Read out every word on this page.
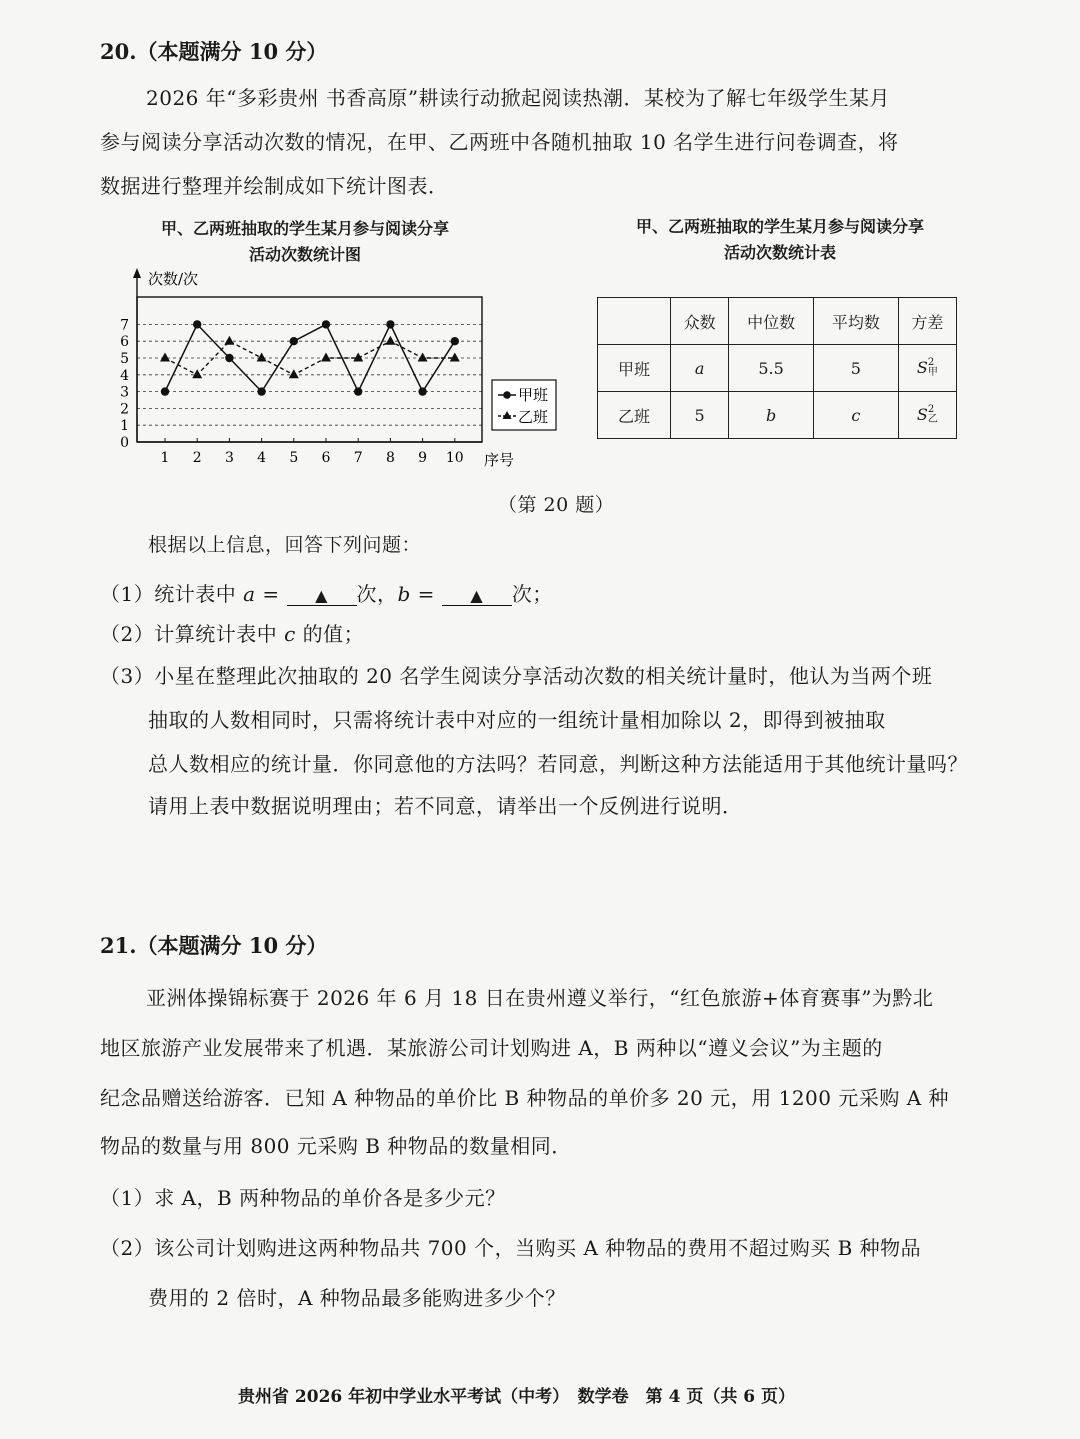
20.（本题满分 10 分）
2026 年“多彩贵州 书香高原”耕读行动掀起阅读热潮．某校为了解七年级学生某月
参与阅读分享活动次数的情况，在甲、乙两班中各随机抽取 10 名学生进行问卷调查，将
数据进行整理并绘制成如下统计图表．
甲、乙两班抽取的学生某月参与阅读分享
活动次数统计图
次数/次
序号
0
1
2
3
4
5
6
7
1 2 3 4 5 6 7 8 9 10
甲班
乙班
甲、乙两班抽取的学生某月参与阅读分享
活动次数统计表
	众数	中位数	平均数	方差
甲班	a	5.5	5	S 2
甲

乙班	5	b	c	S 2
乙
（第 20 题）
根据以上信息，回答下列问题：
（1）统计表中 a = ▲ 次，b = ▲ 次；
（2）计算统计表中 c 的值；
（3）小星在整理此次抽取的 20 名学生阅读分享活动次数的相关统计量时，他认为当两个班
抽取的人数相同时，只需将统计表中对应的一组统计量相加除以 2，即得到被抽取
总人数相应的统计量．你同意他的方法吗？若同意，判断这种方法能适用于其他统计量吗？
请用上表中数据说明理由；若不同意，请举出一个反例进行说明．
21.（本题满分 10 分）
亚洲体操锦标赛于 2026 年 6 月 18 日在贵州遵义举行，“红色旅游+体育赛事”为黔北
地区旅游产业发展带来了机遇．某旅游公司计划购进 A，B 两种以“遵义会议”为主题的
纪念品赠送给游客．已知 A 种物品的单价比 B 种物品的单价多 20 元，用 1200 元采购 A 种
物品的数量与用 800 元采购 B 种物品的数量相同．
（1）求 A，B 两种物品的单价各是多少元？
（2）该公司计划购进这两种物品共 700 个，当购买 A 种物品的费用不超过购买 B 种物品
费用的 2 倍时，A 种物品最多能购进多少个？
贵州省 2026 年初中学业水平考试（中考）　数学卷　第 4 页（共 6 页）
